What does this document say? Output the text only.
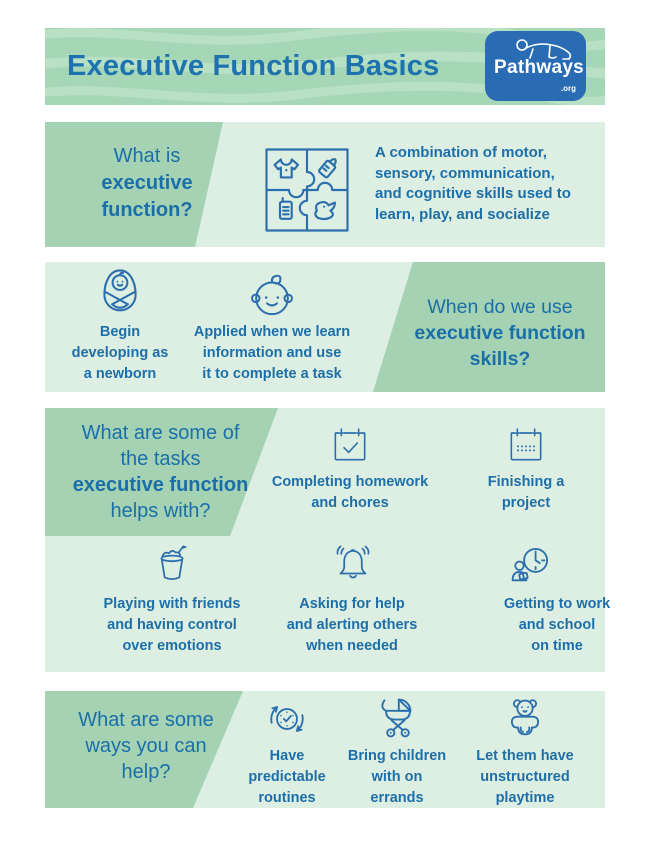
Executive Function Basics	Pathways
.org
What is
executive
function?
A combination of motor,
sensory, communication,
and cognitive skills used to
learn, play, and socialize
When do we use
executive function
skills?
Begin
developing as
a newborn
Applied when we learn
information and use
it to complete a task
What are some of
the tasks
executive function
helps with?
Completing homework
and chores
Finishing a
project
Playing with friends
and having control
over emotions
Asking for help
and alerting others
when needed
Getting to work
and school
on time
What are some
ways you can
help?
Have
predictable
routines
Bring children
with on
errands
Let them have
unstructured
playtime
